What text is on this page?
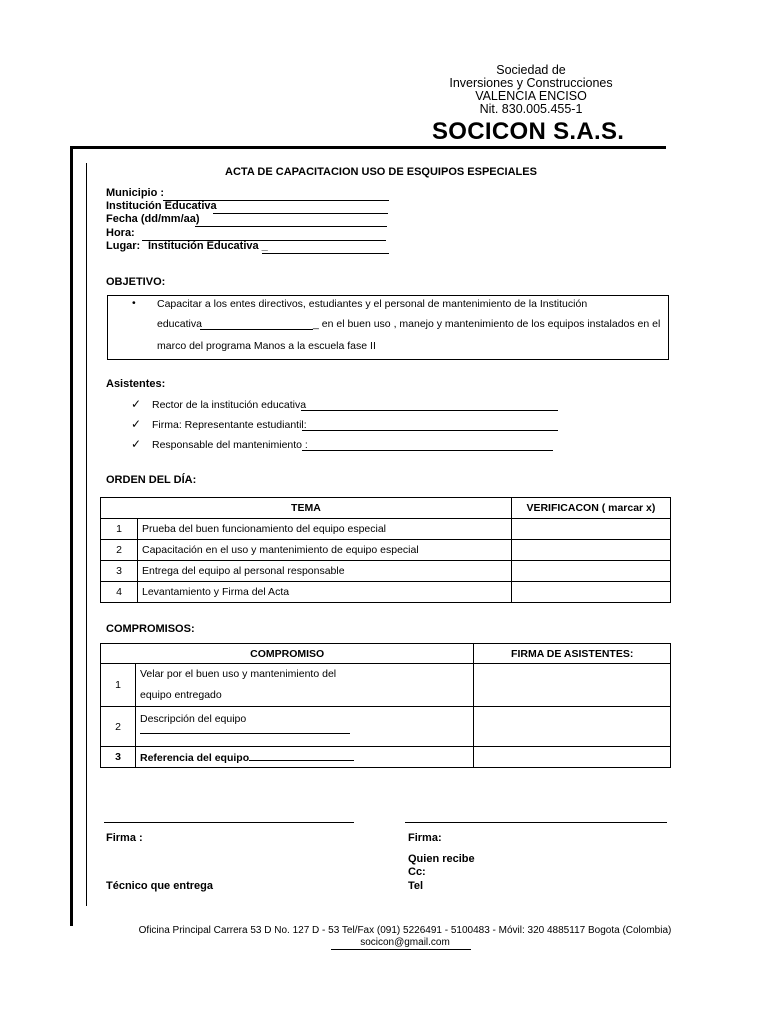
Sociedad de
Inversiones y Construcciones
VALENCIA ENCISO
Nit. 830.005.455-1
SOCICON S.A.S.
ACTA DE CAPACITACION USO DE ESQUIPOS ESPECIALES
Municipio :
Institución Educativa
Fecha (dd/mm/aa)
Hora:
Lugar: Institución Educativa _
OBJETIVO:
• Capacitar a los entes directivos, estudiantes y el personal de mantenimiento de la Institución
educativa	_ en el buen uso , manejo y mantenimiento de los equipos instalados en el
marco del programa Manos a la escuela fase II
Asistentes:
✓ Rector de la institución educativa
✓ Firma: Representante estudiantil:
✓ Responsable del mantenimiento :
ORDEN DEL DÍA:
TEMA		VERIFICACON ( marcar x)
1	Prueba del buen funcionamiento del equipo especial	
2	Capacitación en el uso y mantenimiento de equipo especial	
3	Entrega del equipo al personal responsable	
4	Levantamiento y Firma del Acta	
COMPROMISOS:
COMPROMISO		FIRMA DE ASISTENTES:
1	Velar por el buen uso y mantenimiento del
equipo entregado	

2	Descripción del equipo	

3	Referencia del equipo	
Firma :
Técnico que entrega
Firma:
Quien recibe
Cc:
Tel
Oficina Principal Carrera 53 D No. 127 D - 53 Tel/Fax (091) 5226491 - 5100483 - Móvil: 320 4885117 Bogota (Colombia)
socicon@gmail.com
